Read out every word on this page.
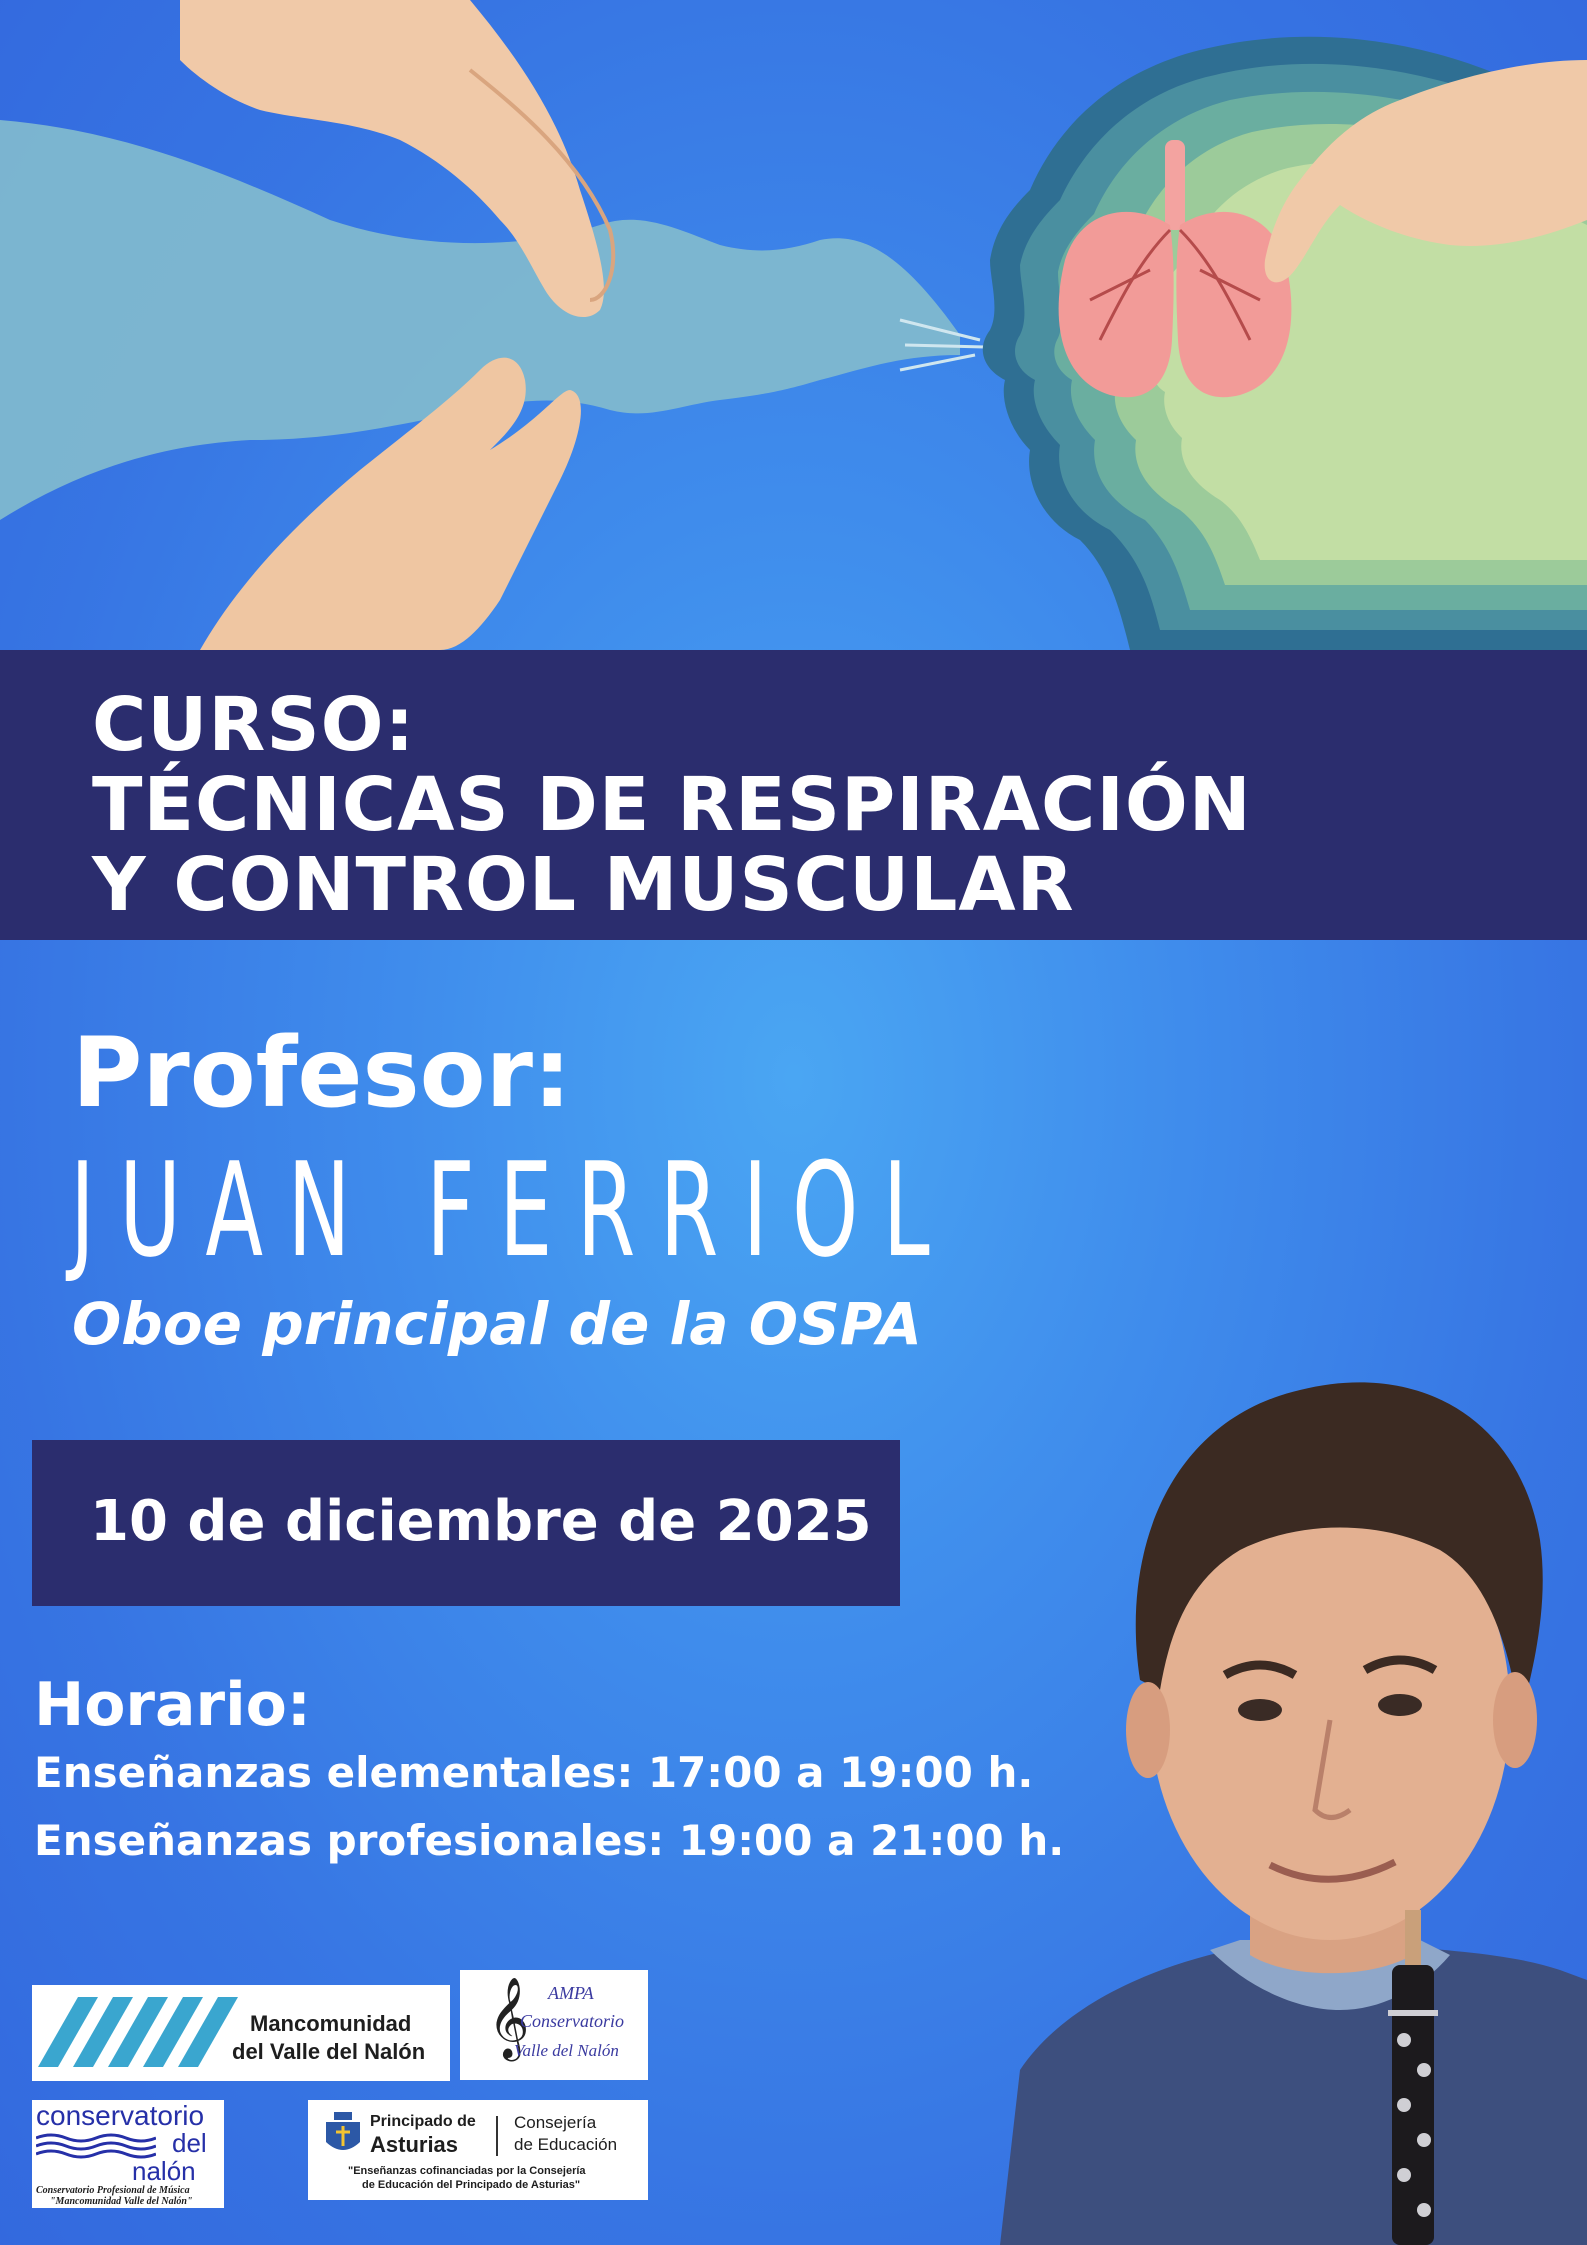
CURSO:
TÉCNICAS DE RESPIRACIÓN
Y CONTROL MUSCULAR
Profesor:
JUAN FERRIOL
Oboe principal de la OSPA
10 de diciembre de 2025
Horario:
Enseñanzas elementales: 17:00 a 19:00 h.
Enseñanzas profesionales: 19:00 a 21:00 h.
Mancomunidad
del Valle del Nalón 𝄞 AMPA
Conservatorio
Valle del Nalón
conservatorio
del
nalón
Conservatorio Profesional de Música
"Mancomunidad Valle del Nalón"
Principado de
Asturias
Consejería
de Educación
"Enseñanzas cofinanciadas por la Consejería
de Educación del Principado de Asturias"
